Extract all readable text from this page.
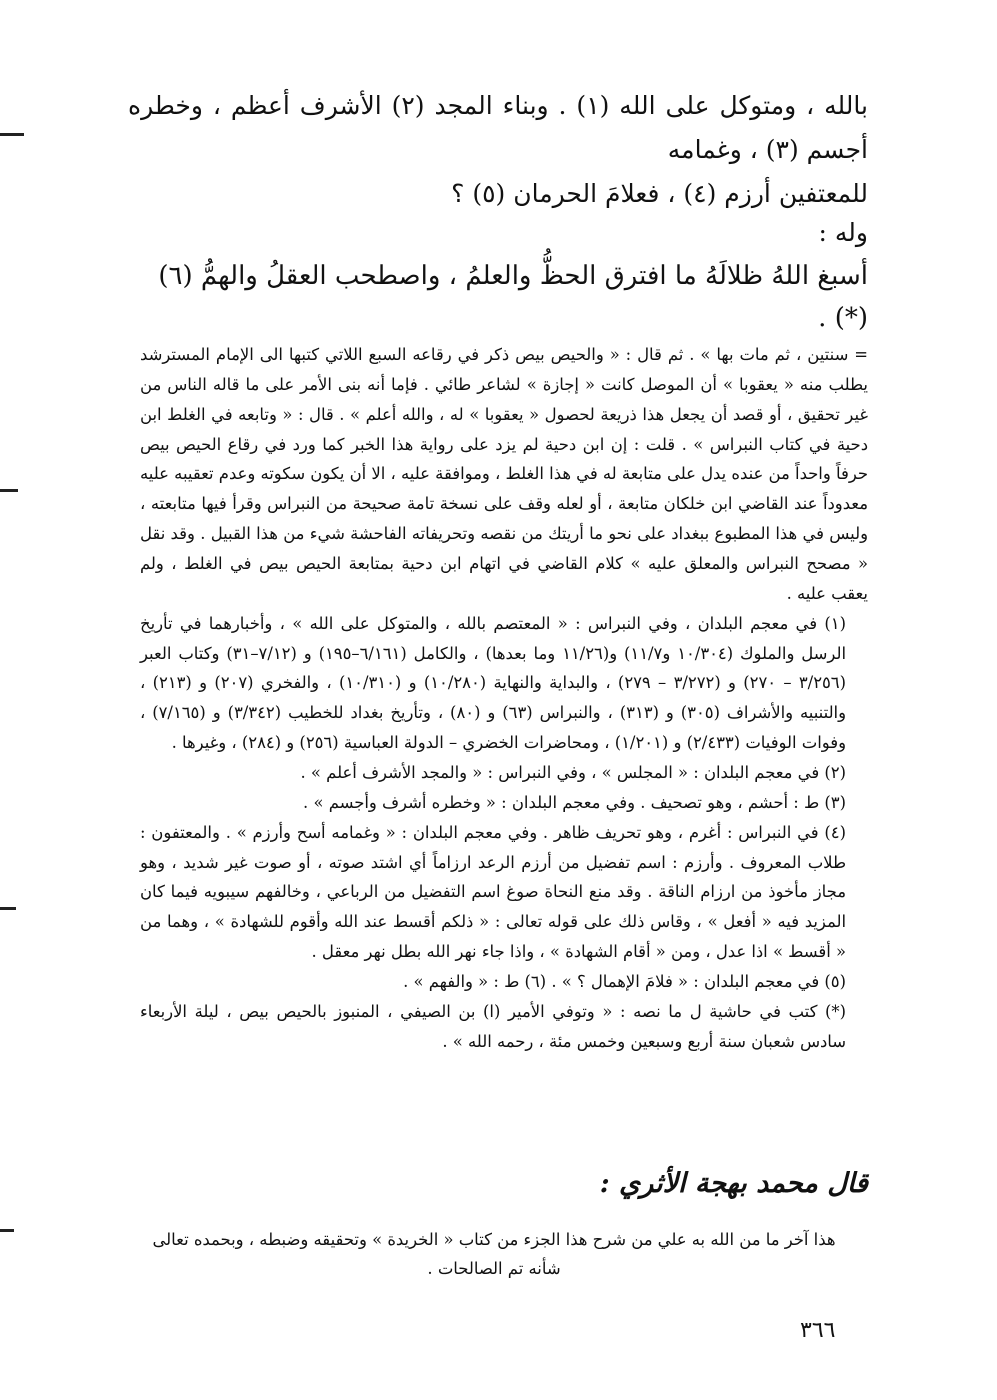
بالله ، ومتوكل على الله (١) . وبناء المجد (٢) الأشرف أعظم ، وخطره أجسم (٣) ، وغمامه

للمعتفين أرزم (٤) ، فعلامَ الحرمان (٥) ؟

وله :
أسبغ اللهُ ظلالَهُ ما افترق الحظُّ والعلمُ ، واصطحب العقلُ والهمُّ (٦) (*) .

= سنتين ، ثم مات بها » . ثم قال : « والحيص بيص ذكر في رقاعه السبع اللاتي كتبها الى الإمام المسترشد يطلب منه « يعقوبا » أن الموصل كانت « إجازة » لشاعر طائي . فإما أنه بنى الأمر على ما قاله الناس من غير تحقيق ، أو قصد أن يجعل هذا ذريعة لحصول « يعقوبا » له ، والله أعلم » . قال : « وتابعه في الغلط ابن دحية في كتاب النبراس » . قلت : إن ابن دحية لم يزد على رواية هذا الخبر كما ورد في رقاع الحيص بيص حرفاً واحداً من عنده يدل على متابعة له في هذا الغلط ، وموافقة عليه ، الا أن يكون سكوته وعدم تعقيبه عليه معدوداً عند القاضي ابن خلكان متابعة ، أو لعله وقف على نسخة تامة صحيحة من النبراس وقرأ فيها متابعته ، وليس في هذا المطبوع ببغداد على نحو ما أريتك من نقصه وتحريفاته الفاحشة شيء من هذا القبيل . وقد نقل « مصحح النبراس والمعلق عليه » كلام القاضي في اتهام ابن دحية بمتابعة الحيص بيص في الغلط ، ولم يعقب عليه .

(١) في معجم البلدان ، وفي النبراس : « المعتصم بالله ، والمتوكل على الله » ، وأخبارهما في تأريخ الرسل والملوك (١٠/٣٠٤ و١١/٧) و(١١/٢٦ وما بعدها) ، والكامل (٦/١٦١–١٩٥) و (٧/١٢–٣١) وكتاب العبر (٣/٢٥٦ – ٢٧٠) و (٣/٢٧٢ – ٢٧٩) ، والبداية والنهاية (١٠/٢٨٠) و (١٠/٣١٠) ، والفخري (٢٠٧) و (٢١٣) ، والتنبيه والأشراف (٣٠٥) و (٣١٣) ، والنبراس (٦٣) و (٨٠) ، وتأريخ بغداد للخطيب (٣/٣٤٢) و (٧/١٦٥) ، وفوات الوفيات (٢/٤٣٣) و (١/٢٠١) ، ومحاضرات الخضري – الدولة العباسية (٢٥٦) و (٢٨٤) ، وغيرها .

(٢) في معجم البلدان : « المجلس » ، وفي النبراس : « والمجد الأشرف أعلم » .

(٣) ط : أحشم ، وهو تصحيف . وفي معجم البلدان : « وخطره أشرف وأجسم » .

(٤) في النبراس : أغرم ، وهو تحريف ظاهر . وفي معجم البلدان : « وغمامه أسح وأرزم » . والمعتفون : طلاب المعروف . وأرزم : اسم تفضيل من أرزم الرعد ارزاماً أي اشتد صوته ، أو صوت غير شديد ، وهو مجاز مأخوذ من ارزام الناقة . وقد منع النحاة صوغ اسم التفضيل من الرباعي ، وخالفهم سيبويه فيما كان المزيد فيه « أفعل » ، وقاس ذلك على قوله تعالى : « ذلكم أقسط عند الله وأقوم للشهادة » ، وهما من « أقسط » اذا عدل ، ومن « أقام الشهادة » ، واذا جاء نهر الله بطل نهر معقل .

(٥) في معجم البلدان : « فلامَ الإهمال ؟ » . (٦) ط : « والفهم » .

(*) كتب في حاشية ل ما نصه : « وتوفي الأمير (ا) بن الصيفي ، المنبوز بالحيص بيص ، ليلة الأربعاء سادس شعبان سنة أربع وسبعين وخمس مئة ، رحمه الله » .

قال محمد بهجة الأثري :

هذا آخر ما من الله به علي من شرح هذا الجزء من كتاب « الخريدة » وتحقيقه وضبطه ، وبحمده تعالى

شأنه تم الصالحات .

٣٦٦
